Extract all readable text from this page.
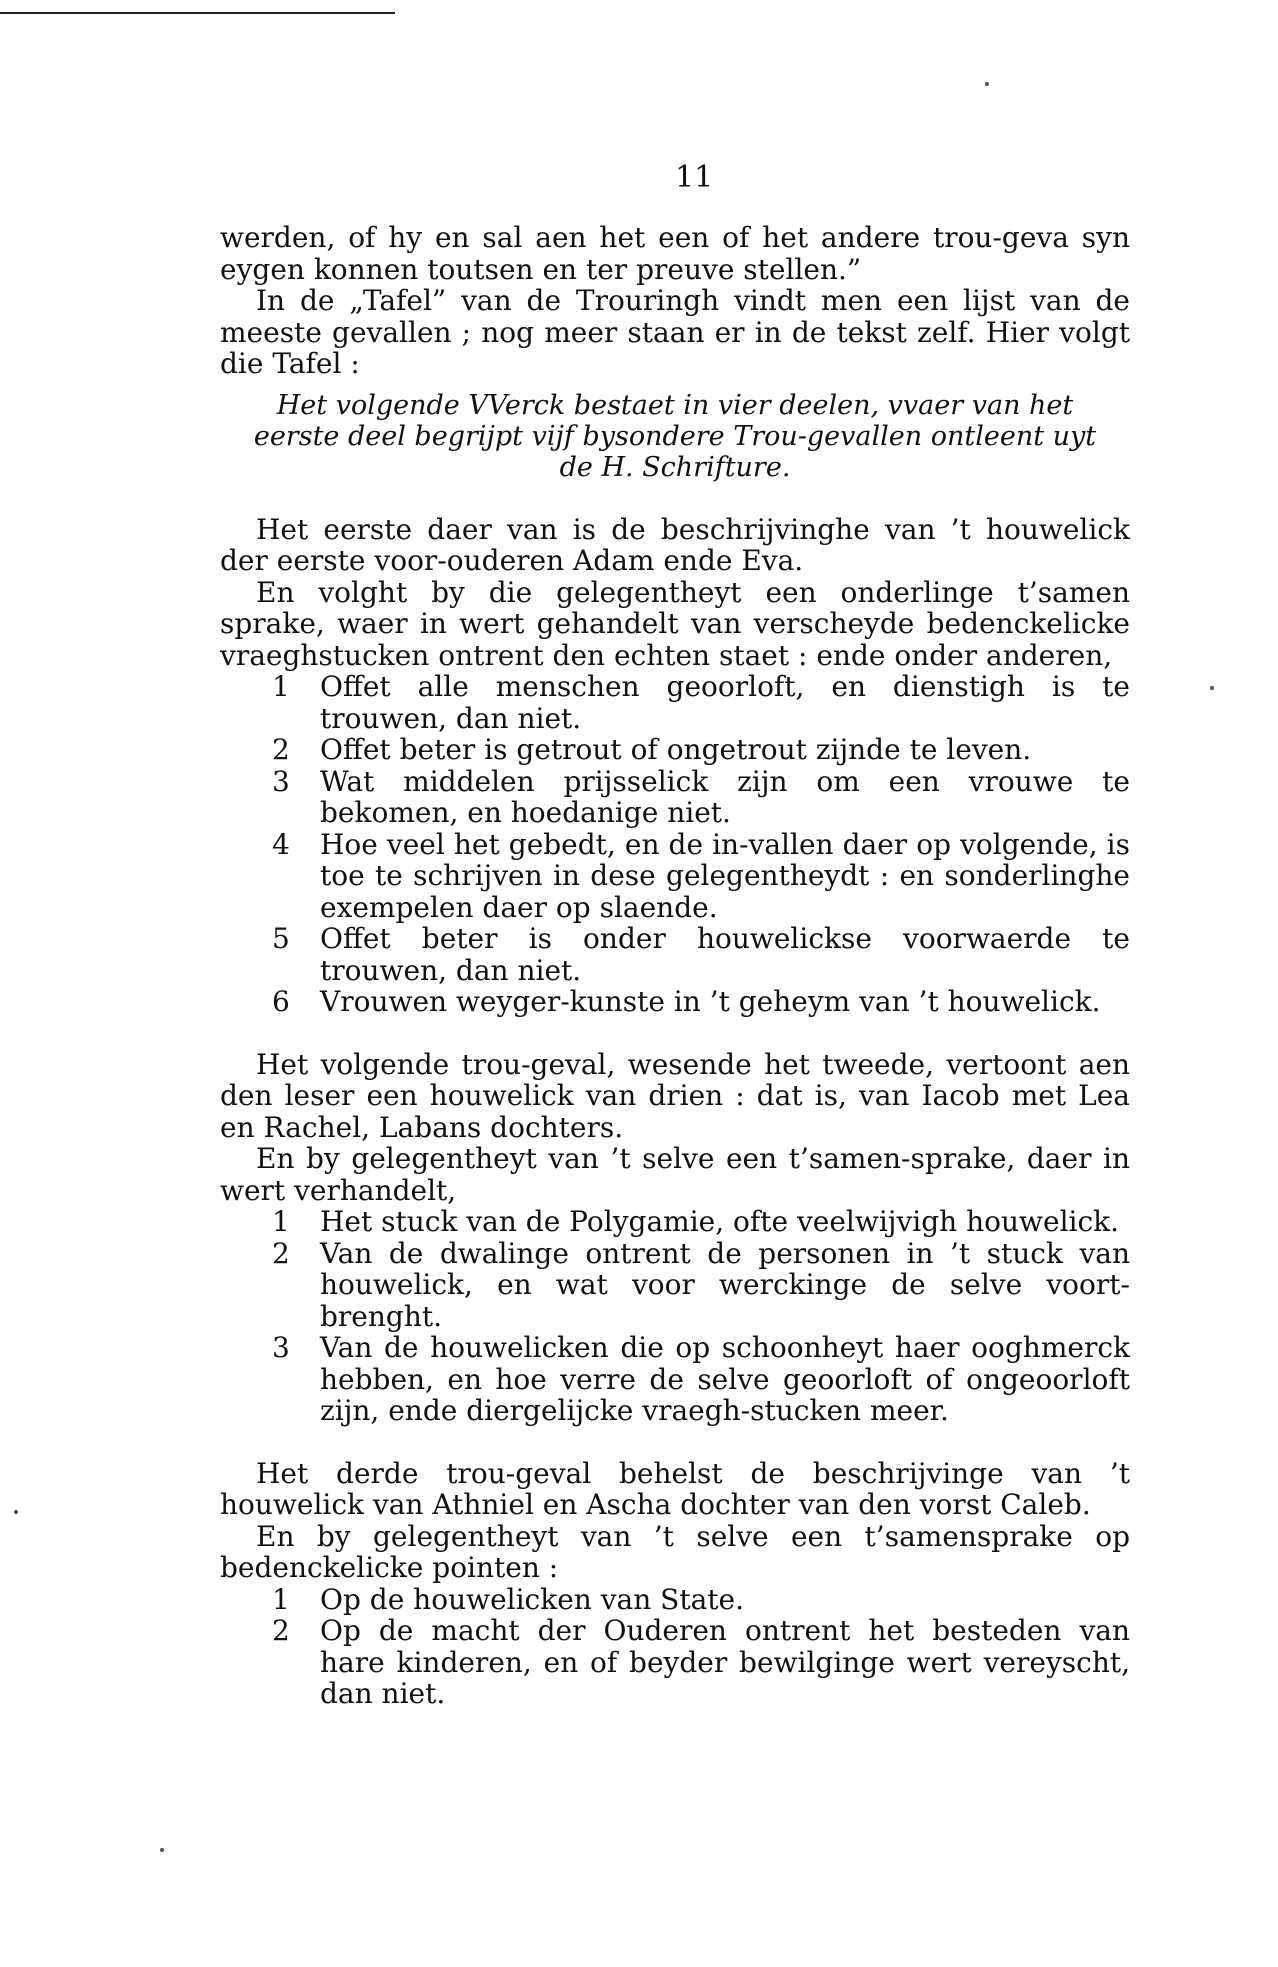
11

werden, of hy en sal aen het een of het andere trou-geva syn eygen konnen toutsen en ter preuve stellen.”

In de „Tafel” van de Trouringh vindt men een lijst van de meeste gevallen ; nog meer staan er in de tekst zelf. Hier volgt die Tafel :

Het volgende VVerck bestaet in vier deelen, vvaer van het eerste deel begrijpt vijf bysondere Trou-gevallen ontleent uyt de H. Schrifture.

Het eerste daer van is de beschrijvinghe van ’t houwelick der eerste voor-ouderen Adam ende Eva.

En volght by die gelegentheyt een onderlinge t’samen sprake, waer in wert gehandelt van verscheyde bedenckelicke vraeghstucken ontrent den echten staet : ende onder anderen,

1	Offet alle menschen geoorloft, en dienstigh is te trouwen, dan niet.
2	Offet beter is getrout of ongetrout zijnde te leven.
3	Wat middelen prijsselick zijn om een vrouwe te bekomen, en hoedanige niet.
4	Hoe veel het gebedt, en de in-vallen daer op volgende, is toe te schrijven in dese gelegentheydt : en sonderlinghe exempelen daer op slaende.
5	Offet beter is onder houwelickse voorwaerde te trouwen, dan niet.
6	Vrouwen weyger-kunste in ’t geheym van ’t houwelick.

Het volgende trou-geval, wesende het tweede, vertoont aen den leser een houwelick van drien : dat is, van Iacob met Lea en Rachel, Labans dochters.

En by gelegentheyt van ’t selve een t’samen-sprake, daer in wert verhandelt,

1	Het stuck van de Polygamie, ofte veelwijvigh houwelick.
2	Van de dwalinge ontrent de personen in ’t stuck van houwelick, en wat voor werckinge de selve voort-brenght.
3	Van de houwelicken die op schoonheyt haer ooghmerck hebben, en hoe verre de selve geoorloft of ongeoorloft zijn, ende diergelijcke vraegh-stucken meer.

Het derde trou-geval behelst de beschrijvinge van ’t houwelick van Athniel en Ascha dochter van den vorst Caleb.

En by gelegentheyt van ’t selve een t’samensprake op bedenckelicke pointen :

1	Op de houwelicken van State.
2	Op de macht der Ouderen ontrent het besteden van hare kinderen, en of beyder bewilginge wert vereyscht, dan niet.
